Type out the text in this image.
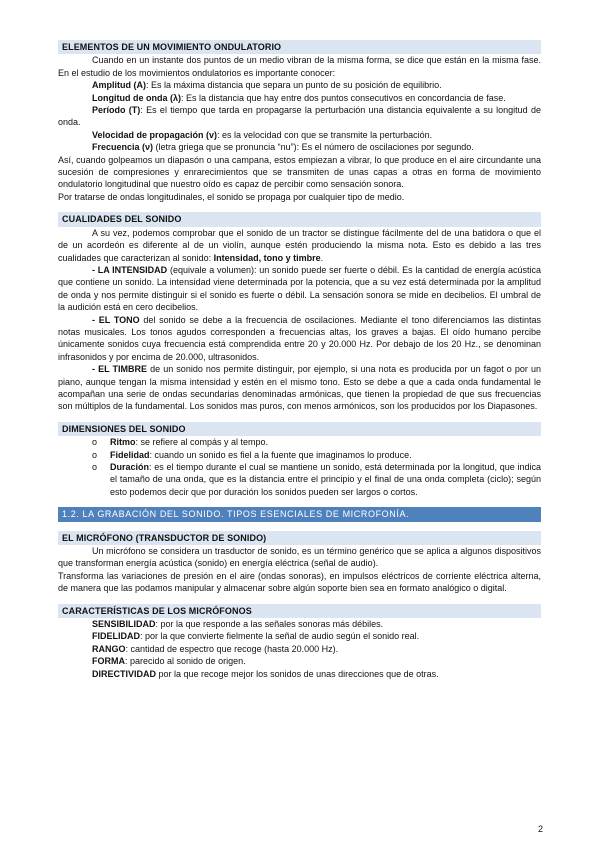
ELEMENTOS DE UN MOVIMIENTO ONDULATORIO

Cuando en un instante dos puntos de un medio vibran de la misma forma, se dice que están en la misma fase. En el estudio de los movimientos ondulatorios es importante conocer:

Amplitud (A): Es la máxima distancia que separa un punto de su posición de equilibrio.

Longitud de onda (λ): Es la distancia que hay entre dos puntos consecutivos en concordancia de fase.

Período (T): Es el tiempo que tarda en propagarse la perturbación una distancia equivalente a su longitud de onda.

Velocidad de propagación (v): es la velocidad con que se transmite la perturbación.

Frecuencia (ν) (letra griega que se pronuncia “nu”): Es el número de oscilaciones por segundo.

Así, cuando golpeamos un diapasón o una campana, estos empiezan a vibrar, lo que produce en el aire circundante una sucesión de compresiones y enrarecimientos que se transmiten de unas capas a otras en forma de movimiento ondulatorio longitudinal que nuestro oído es capaz de percibir como sensación sonora.

Por tratarse de ondas longitudinales, el sonido se propaga por cualquier tipo de medio.

CUALIDADES DEL SONIDO

A su vez, podemos comprobar que el sonido de un tractor se distingue fácilmente del de una batidora o que el de un acordeón es diferente al de un violín, aunque estén produciendo la misma nota. Esto es debido a las tres cualidades que caracterizan al sonido: Intensidad, tono y timbre.

- LA INTENSIDAD (equivale a volumen): un sonido puede ser fuerte o débil. Es la cantidad de energía acústica que contiene un sonido. La intensidad viene determinada por la potencia, que a su vez está determinada por la amplitud de onda y nos permite distinguir si el sonido es fuerte o débil. La sensación sonora se mide en decibelios. El umbral de la audición está en cero decibelios.

- EL TONO del sonido se debe a la frecuencia de oscilaciones. Mediante el tono diferenciamos las distintas notas musicales. Los tonos agudos corresponden a frecuencias altas, los graves a bajas. El oído humano percibe únicamente sonidos cuya frecuencia está comprendida entre 20 y 20.000 Hz. Por debajo de los 20 Hz., se denominan infrasonidos y por encima de 20.000, ultrasonidos.

- EL TIMBRE de un sonido nos permite distinguir, por ejemplo, si una nota es producida por un fagot o por un piano, aunque tengan la misma intensidad y estén en el mismo tono. Esto se debe a que a cada onda fundamental le acompañan una serie de ondas secundarias denominadas armónicas, que tienen la propiedad de que sus frecuencias son múltiplos de la fundamental. Los sonidos mas puros, con menos armónicos, son los producidos por los Diapasones.

DIMENSIONES DEL SONIDO
o Ritmo: se refiere al compás y al tempo.
o Fidelidad: cuando un sonido es fiel a la fuente que imaginamos lo produce.
o Duración: es el tiempo durante el cual se mantiene un sonido, está determinada por la longitud, que indica el tamaño de una onda, que es la distancia entre el principio y el final de una onda completa (ciclo); según esto podemos decir que por duración los sonidos pueden ser largos o cortos.
1.2. LA GRABACIÓN DEL SONIDO. TIPOS ESENCIALES DE MICROFONÍA.
EL MICRÓFONO (TRANSDUCTOR DE SONIDO)

Un micrófono se considera un trasductor de sonido, es un término genérico que se aplica a algunos dispositivos que transforman energía acústica (sonido) en energía eléctrica (señal de audio).

Transforma las variaciones de presión en el aire (ondas sonoras), en impulsos eléctricos de corriente eléctrica alterna, de manera que las podamos manipular y almacenar sobre algún soporte bien sea en formato analógico o digital.

CARACTERÍSTICAS DE LOS MICRÓFONOS

SENSIBILIDAD: por la que responde a las señales sonoras más débiles.

FIDELIDAD: por la que convierte fielmente la señal de audio según el sonido real.

RANGO: cantidad de espectro que recoge (hasta 20.000 Hz).

FORMA: parecido al sonido de origen.

DIRECTIVIDAD por la que recoge mejor los sonidos de unas direcciones que de otras.

2
